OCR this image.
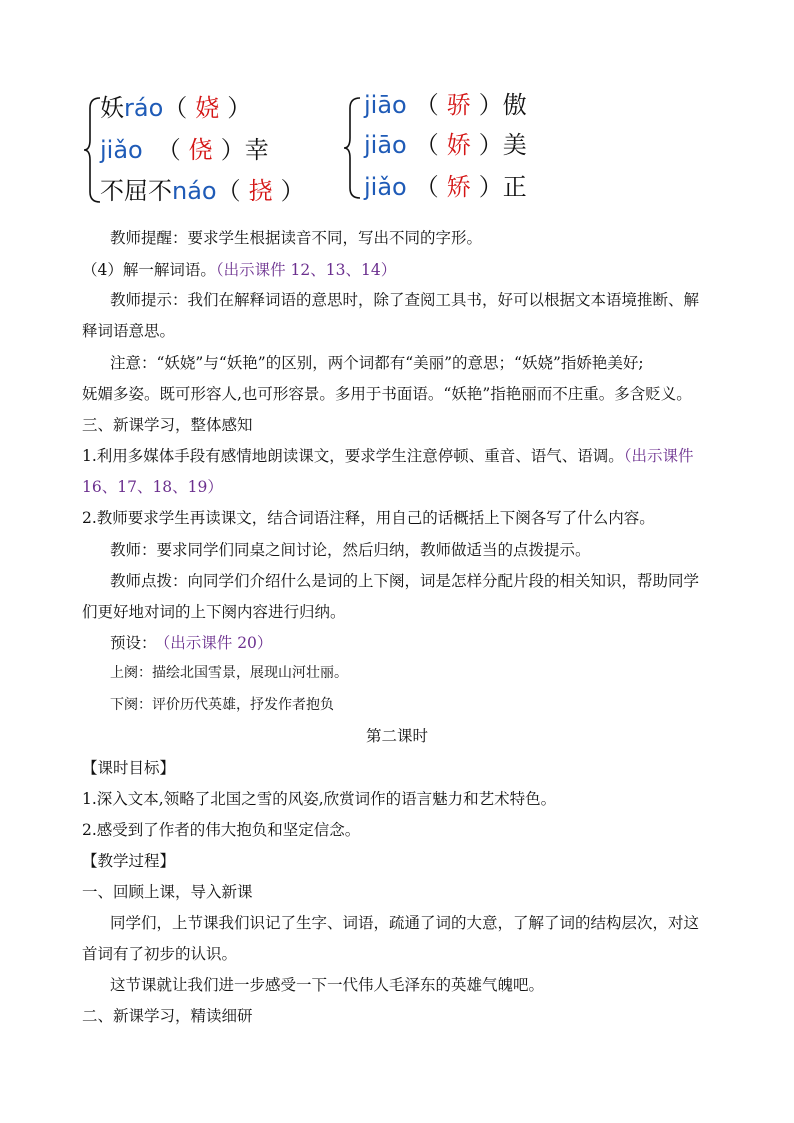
妖ráo（ 娆 ）
jiǎo （ 侥 ）幸
不屈不náo（ 挠 ）
jiāo （ 骄 ）傲
jiāo （ 娇 ）美
jiǎo （ 矫 ）正
教师提醒：要求学生根据读音不同，写出不同的字形。
（4）解一解词语。（出示课件 12、13、14）
教师提示：我们在解释词语的意思时，除了查阅工具书，好可以根据文本语境推断、解
释词语意思。
注意：“妖娆”与“妖艳”的区别，两个词都有“美丽”的意思；“妖娆”指娇艳美好;
妩媚多姿。既可形容人,也可形容景。多用于书面语。“妖艳”指艳丽而不庄重。多含贬义。
三、新课学习，整体感知
1.利用多媒体手段有感情地朗读课文，要求学生注意停顿、重音、语气、语调。（出示课件
16、17、18、19）
2.教师要求学生再读课文，结合词语注释，用自己的话概括上下阕各写了什么内容。
教师：要求同学们同桌之间讨论，然后归纳，教师做适当的点拨提示。
教师点拨：向同学们介绍什么是词的上下阕，词是怎样分配片段的相关知识，帮助同学
们更好地对词的上下阕内容进行归纳。
预设： （出示课件 20）
上阕：描绘北国雪景，展现山河壮丽。
下阕：评价历代英雄，抒发作者抱负
第二课时
【课时目标】
1.深入文本,领略了北国之雪的风姿,欣赏词作的语言魅力和艺术特色。
2.感受到了作者的伟大抱负和坚定信念。
【教学过程】
一、回顾上课，导入新课
同学们，上节课我们识记了生字、词语，疏通了词的大意，了解了词的结构层次，对这
首词有了初步的认识。
这节课就让我们进一步感受一下一代伟人毛泽东的英雄气魄吧。
二、新课学习，精读细研
